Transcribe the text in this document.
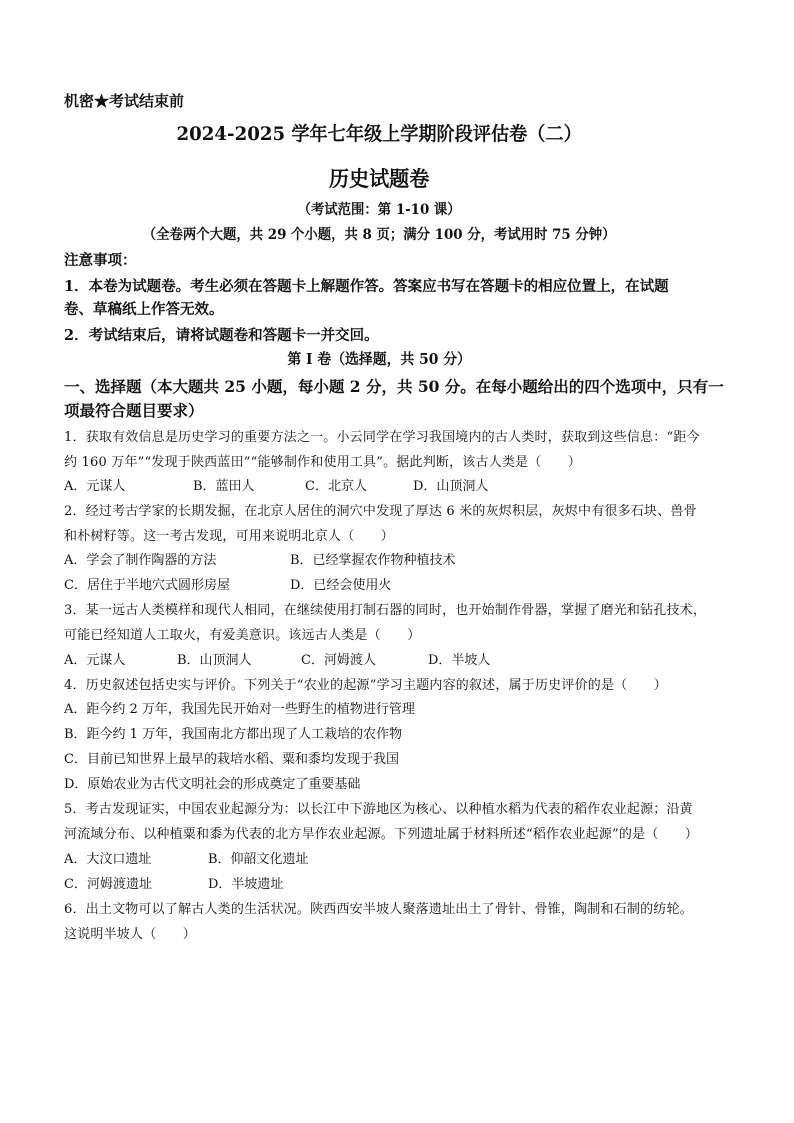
机密★考试结束前
2024-2025 学年七年级上学期阶段评估卷（二）
历史试题卷
（考试范围：第 1-10 课）
（全卷两个大题，共 29 个小题，共 8 页；满分 100 分，考试用时 75 分钟）
注意事项：
1．本卷为试题卷。考生必须在答题卡上解题作答。答案应书写在答题卡的相应位置上，在试题
卷、草稿纸上作答无效。
2．考试结束后，请将试题卷和答题卡一并交回。
第 I 卷（选择题，共 50 分）
一、选择题（本大题共 25 小题，每小题 2 分，共 50 分。在每小题给出的四个选项中，只有一
项最符合题目要求）
1．获取有效信息是历史学习的重要方法之一。小云同学在学习我国境内的古人类时，获取到这些信息：“距今
约 160 万年”“发现于陕西蓝田”“能够制作和使用工具”。据此判断，该古人类是（　　）
A．元谋人	B．蓝田人	C．北京人	D．山顶洞人
2．经过考古学家的长期发掘，在北京人居住的洞穴中发现了厚达 6 米的灰烬积层，灰烬中有很多石块、兽骨
和朴树籽等。这一考古发现，可用来说明北京人（　　）
A．学会了制作陶器的方法	B．已经掌握农作物种植技术
C．居住于半地穴式圆形房屋	D．已经会使用火
3．某一远古人类模样和现代人相同，在继续使用打制石器的同时，也开始制作骨器，掌握了磨光和钻孔技术，
可能已经知道人工取火，有爱美意识。该远古人类是（　　）
A．元谋人	B．山顶洞人	C．河姆渡人	D．半坡人
4．历史叙述包括史实与评价。下列关于“农业的起源”学习主题内容的叙述，属于历史评价的是（　　）
A．距今约 2 万年，我国先民开始对一些野生的植物进行管理
B．距今约 1 万年，我国南北方都出现了人工栽培的农作物
C．目前已知世界上最早的栽培水稻、粟和黍均发现于我国
D．原始农业为古代文明社会的形成奠定了重要基础
5．考古发现证实，中国农业起源分为：以长江中下游地区为核心、以种植水稻为代表的稻作农业起源；沿黄
河流域分布、以种植粟和黍为代表的北方旱作农业起源。下列遗址属于材料所述“稻作农业起源”的是（　　）
A．大汶口遗址	B．仰韶文化遗址
C．河姆渡遗址	D．半坡遗址
6．出土文物可以了解古人类的生活状况。陕西西安半坡人聚落遗址出土了骨针、骨锥，陶制和石制的纺轮。
这说明半坡人（　　）
